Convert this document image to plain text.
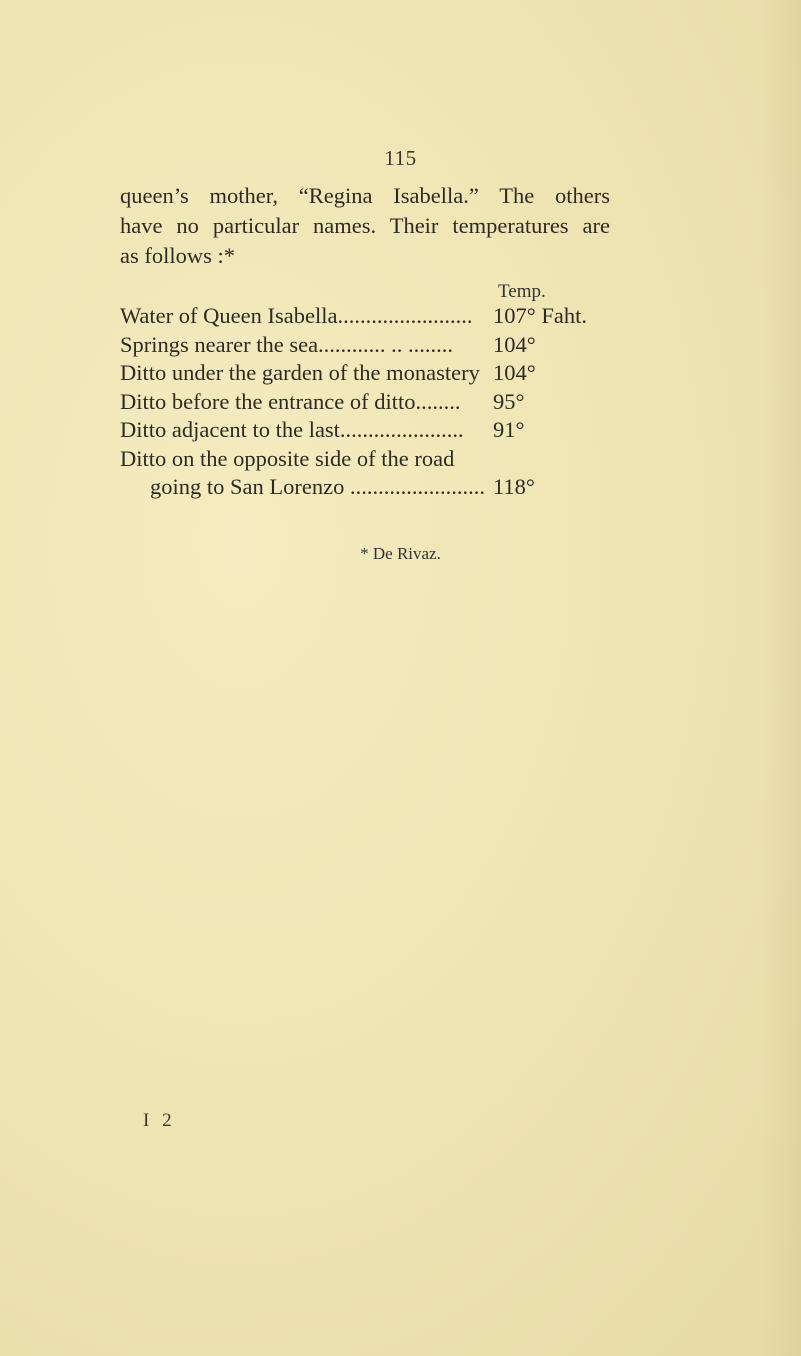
115
queen’s mother, “Regina Isabella.” The others
have no particular names. Their temperatures are
as follows :*
Temp.
Water of Queen Isabella........................ 107° Faht.
Springs nearer the sea............ .. ........ 104°
Ditto under the garden of the monastery 104°
Ditto before the entrance of ditto........ 95°
Ditto adjacent to the last...................... 91°
Ditto on the opposite side of the road
going to San Lorenzo ........................ 118°
* De Rivaz.
I 2
